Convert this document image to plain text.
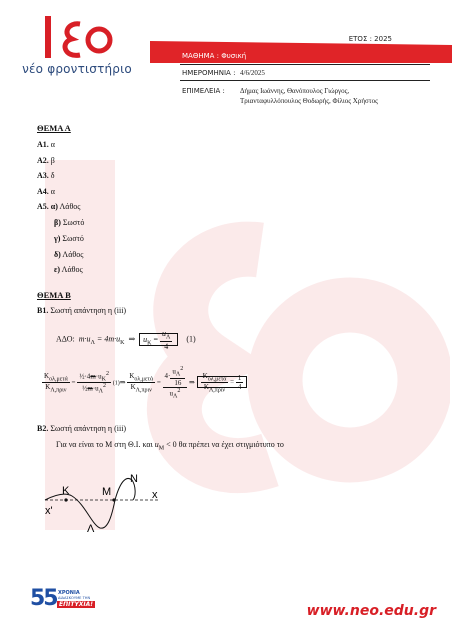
νέο φροντιστήριο
ΕΤΟΣ : 2025
ΜΑΘΗΜΑ : Φυσική
ΗΜΕΡΟΜΗΝΙΑ : 4/6/2025
ΕΠΙΜΕΛΕΙΑ : Δήμας Ιωάννης, Θανόπουλος Γιώργος,
Τριανταφυλλόπουλος Θοδωρής, Φίλιος Χρήστος
ΘΕΜΑ Α
Α1. α
Α2. β
Α3. δ
Α4. α
Α5. α) Λάθος
β) Σωστό
γ) Σωστό
δ) Λάθος
ε) Λάθος
ΘΕΜΑ Β
Β1. Σωστή απάντηση η (iii)
ΑΔΟ: $m\cdot u_\Lambda = 4m\cdot u_K$  ⇒  $u_K = \frac{u_\Lambda}{4} (1)$
$\frac{K_{o\lambda,\mu\varepsilon\tau ά}}{K_{\Lambda,\pi\rho\iota\nu}} = \frac{\frac{1}{2}\cdot 4m\cdot u_K^2}{\frac{1}{2}m\cdot u_\Lambda^2}$ (1)⇒ $\frac{K_{o\lambda,\mu\varepsilon\tau ά}}{K_{\Lambda,\pi\rho\iota\nu}} = \frac{4\cdot \frac{u_\Lambda^2}{16}}{u_\Lambda^2}$ ⇒ $\frac{K_{o\lambda,\mu\varepsilon\tau ά}}{K_{\Lambda,\pi\rho\iota\nu}} = \frac{1}{4}$
Β2. Σωστή απάντηση η (iii)
Για να είναι το Μ στη Θ.Ι. και $u_M < 0$ θα πρέπει να έχει στιγμιότυπο το
K	M
N
Λ
x
x'
55 ΧΡΟΝΙΑ
ΔΙΔΑΣΚΟΥΜΕ ΤΗΝ
ΕΠΙΤΥΧΙΑ!	www.neo.edu.gr
